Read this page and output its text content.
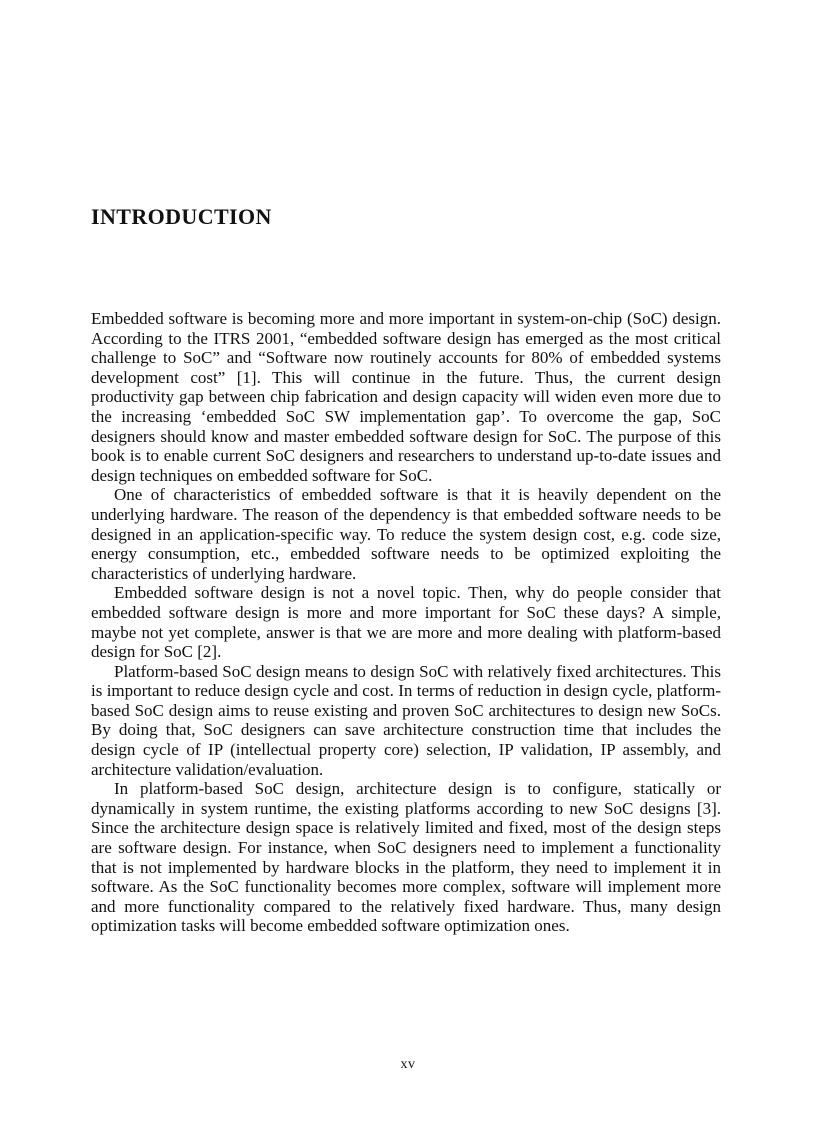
INTRODUCTION

Embedded software is becoming more and more important in system-on-chip (SoC) design. According to the ITRS 2001, “embedded software design has emerged as the most critical challenge to SoC” and “Software now routinely accounts for 80% of embedded systems development cost” [1]. This will continue in the future. Thus, the current design productivity gap between chip fabrication and design capacity will widen even more due to the increasing ‘embedded SoC SW implementation gap’. To overcome the gap, SoC designers should know and master embedded software design for SoC. The purpose of this book is to enable current SoC designers and researchers to understand up-to-date issues and design techniques on embedded software for SoC.

One of characteristics of embedded software is that it is heavily dependent on the underlying hardware. The reason of the dependency is that embedded software needs to be designed in an application-specific way. To reduce the system design cost, e.g. code size, energy consumption, etc., embedded software needs to be optimized exploiting the characteristics of underlying hardware.

Embedded software design is not a novel topic. Then, why do people consider that embedded software design is more and more important for SoC these days? A simple, maybe not yet complete, answer is that we are more and more dealing with platform-based design for SoC [2].

Platform-based SoC design means to design SoC with relatively fixed architectures. This is important to reduce design cycle and cost. In terms of reduction in design cycle, platform-based SoC design aims to reuse existing and proven SoC architectures to design new SoCs. By doing that, SoC designers can save architecture construction time that includes the design cycle of IP (intellectual property core) selection, IP validation, IP assembly, and architecture validation/evaluation.

In platform-based SoC design, architecture design is to configure, statically or dynamically in system runtime, the existing platforms according to new SoC designs [3]. Since the architecture design space is relatively limited and fixed, most of the design steps are software design. For instance, when SoC designers need to implement a functionality that is not implemented by hardware blocks in the platform, they need to implement it in software. As the SoC functionality becomes more complex, software will implement more and more functionality compared to the relatively fixed hardware. Thus, many design optimization tasks will become embedded software optimization ones.

xv
